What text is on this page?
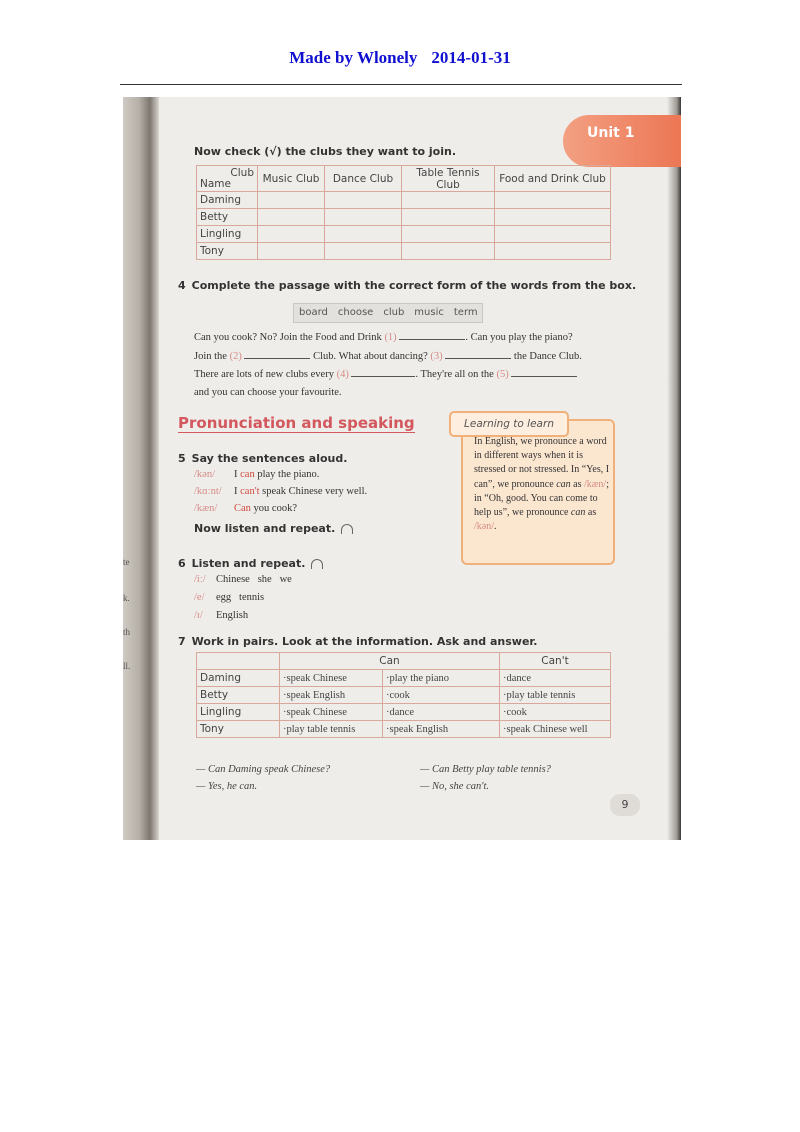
Made by Wlonely 2014-01-31
te
k.
th
ll.
Unit 1
Now check (√) the clubs they want to join.
Club
Name	Music Club	Dance Club	Table Tennis Club	Food and Drink Club
Daming				
Betty				
Lingling				
Tony				
4 Complete the passage with the correct form of the words from the box.
board choose club music term
Can you cook? No? Join the Food and Drink (1)	. Can you play the piano?
Join the (2)	Club. What about dancing? (3)	the Dance Club.
There are lots of new clubs every (4)	. They're all on the (5)
and you can choose your favourite.
Pronunciation and speaking	Learning to learn
In English, we pronounce a word in different ways when it is stressed or not stressed. In “Yes, I can”, we pronounce can as /kæn/; in “Oh, good. You can come to help us”, we pronounce can as /kən/.
5 Say the sentences aloud.
/kən/ I can play the piano.
/kɑːnt/ I can't speak Chinese very well.
/kæn/ Can you cook?
Now listen and repeat.
6 Listen and repeat.
/iː/ Chinese   she   we
/e/ egg   tennis
/ɪ/ English
7 Work in pairs. Look at the information. Ask and answer.
	Can		Can't
Daming	·speak Chinese	·play the piano	·dance
Betty	·speak English	·cook	·play table tennis
Lingling	·speak Chinese	·dance	·cook
Tony	·play table tennis	·speak English	·speak Chinese well
— Can Daming speak Chinese?
— Yes, he can.
— Can Betty play table tennis?
— No, she can't.
9
